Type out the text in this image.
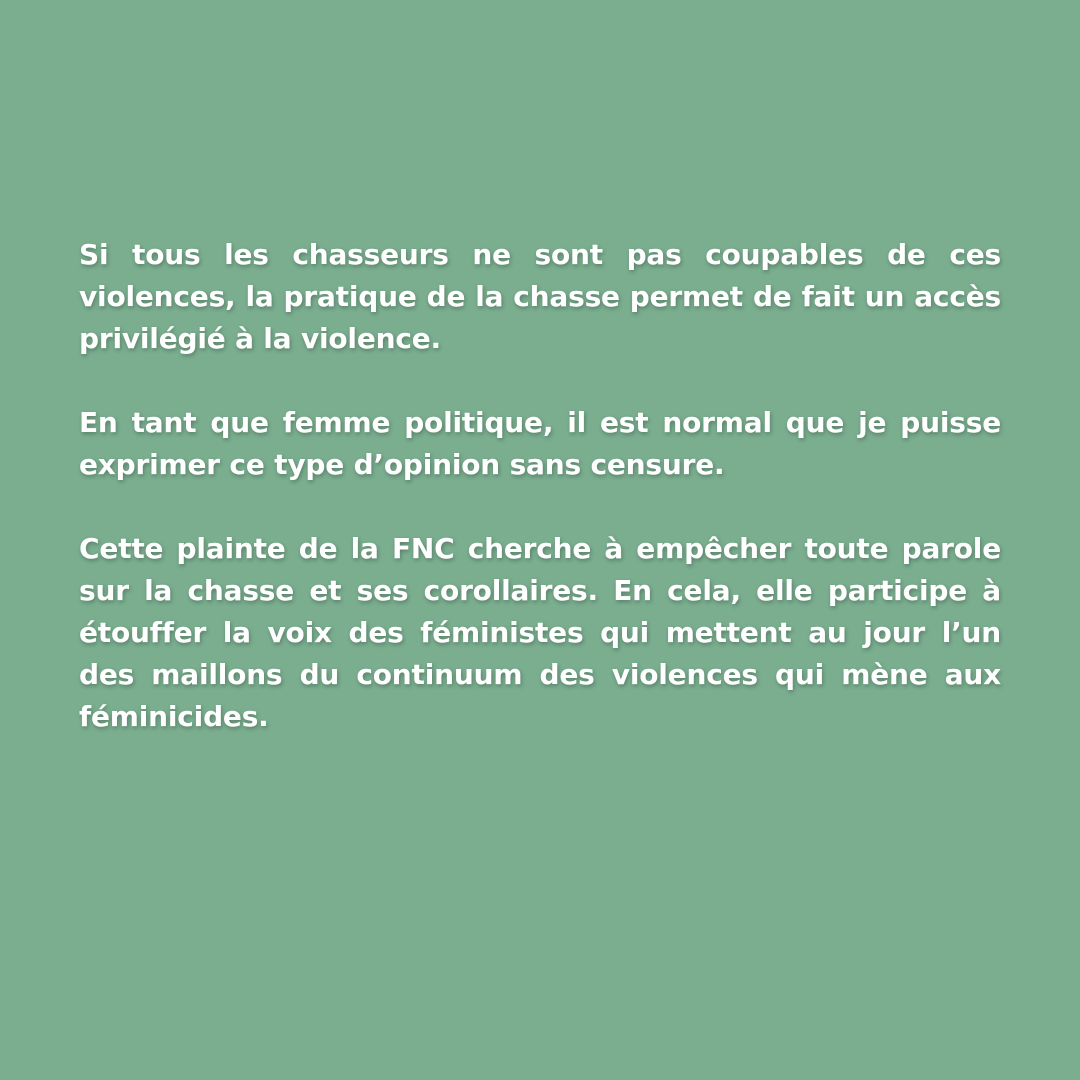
Si tous les chasseurs ne sont pas coupables de ces violences, la pratique de la chasse permet de fait un accès privilégié à la violence.

En tant que femme politique, il est normal que je puisse exprimer ce type d’opinion sans censure.

Cette plainte de la FNC cherche à empêcher toute parole sur la chasse et ses corollaires. En cela, elle participe à étouffer la voix des féministes qui mettent au jour l’un des maillons du continuum des violences qui mène aux féminicides.
